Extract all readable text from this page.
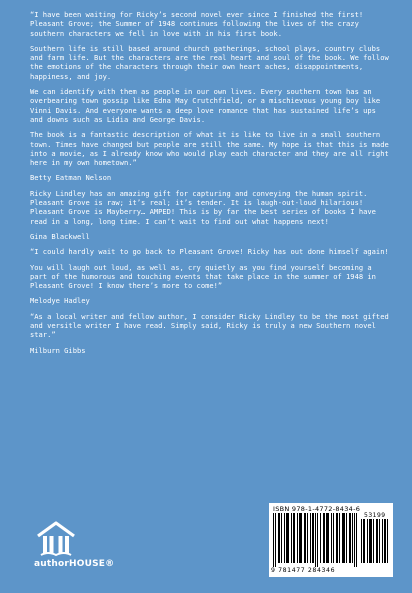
“I have been waiting for Ricky’s second novel ever since I finished the first! Pleasant Grove; the Summer of 1948 continues following the lives of the crazy southern characters we fell in love with in his first book.

Southern life is still based around church gatherings, school plays, country clubs and farm life. But the characters are the real heart and soul of the book. We follow the emotions of the characters through their own heart aches, disappointments, happiness, and joy.

We can identify with them as people in our own lives. Every southern town has an overbearing town gossip like Edna May Crutchfield, or a mischievous young boy like Vinni Davis. And everyone wants a deep love romance that has sustained life’s ups and downs such as Lidia and George Davis.

The book is a fantastic description of what it is like to live in a small southern town. Times have changed but people are still the same. My hope is that this is made into a movie, as I already know who would play each character and they are all right here in my own hometown.”

Betty Eatman Nelson

Ricky Lindley has an amazing gift for capturing and conveying the human spirit. Pleasant Grove is raw; it’s real; it’s tender. It is laugh-out-loud hilarious! Pleasant Grove is Mayberry… AMPED! This is by far the best series of books I have read in a long, long time. I can’t wait to find out what happens next!

Gina Blackwell

“I could hardly wait to go back to Pleasant Grove! Ricky has out done himself again!

You will laugh out loud, as well as, cry quietly as you find yourself becoming a part of the humorous and touching events that take place in the summer of 1948 in Pleasant Grove! I know there’s more to come!”

Melodye Hadley

“As a local writer and fellow author, I consider Ricky Lindley to be the most gifted and versitle writer I have read. Simply said, Ricky is truly a new Southern novel star.”

Milburn Gibbs

authorHOUSE®
ISBN 978-1-4772-8434-6
53199
9 781477 284346
